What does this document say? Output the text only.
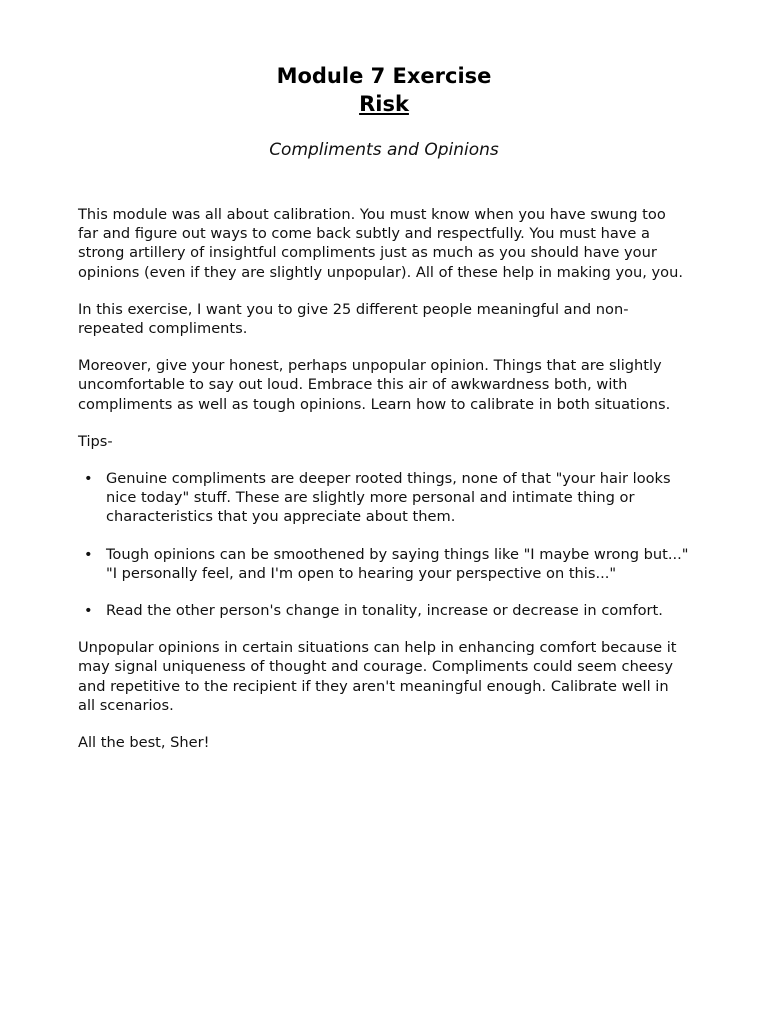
Module 7 Exercise
Risk
Compliments and Opinions

This module was all about calibration. You must know when you have swung too far and figure out ways to come back subtly and respectfully. You must have a strong artillery of insightful compliments just as much as you should have your opinions (even if they are slightly unpopular). All of these help in making you, you.

In this exercise, I want you to give 25 different people meaningful and non-repeated compliments.

Moreover, give your honest, perhaps unpopular opinion. Things that are slightly uncomfortable to say out loud. Embrace this air of awkwardness both, with compliments as well as tough opinions. Learn how to calibrate in both situations.

Tips-

• Genuine compliments are deeper rooted things, none of that "your hair looks nice today" stuff. These are slightly more personal and intimate thing or characteristics that you appreciate about them.
• Tough opinions can be smoothened by saying things like "I maybe wrong but..." "I personally feel, and I'm open to hearing your perspective on this..."
• Read the other person's change in tonality, increase or decrease in comfort.

Unpopular opinions in certain situations can help in enhancing comfort because it may signal uniqueness of thought and courage. Compliments could seem cheesy and repetitive to the recipient if they aren't meaningful enough. Calibrate well in all scenarios.

All the best, Sher!
